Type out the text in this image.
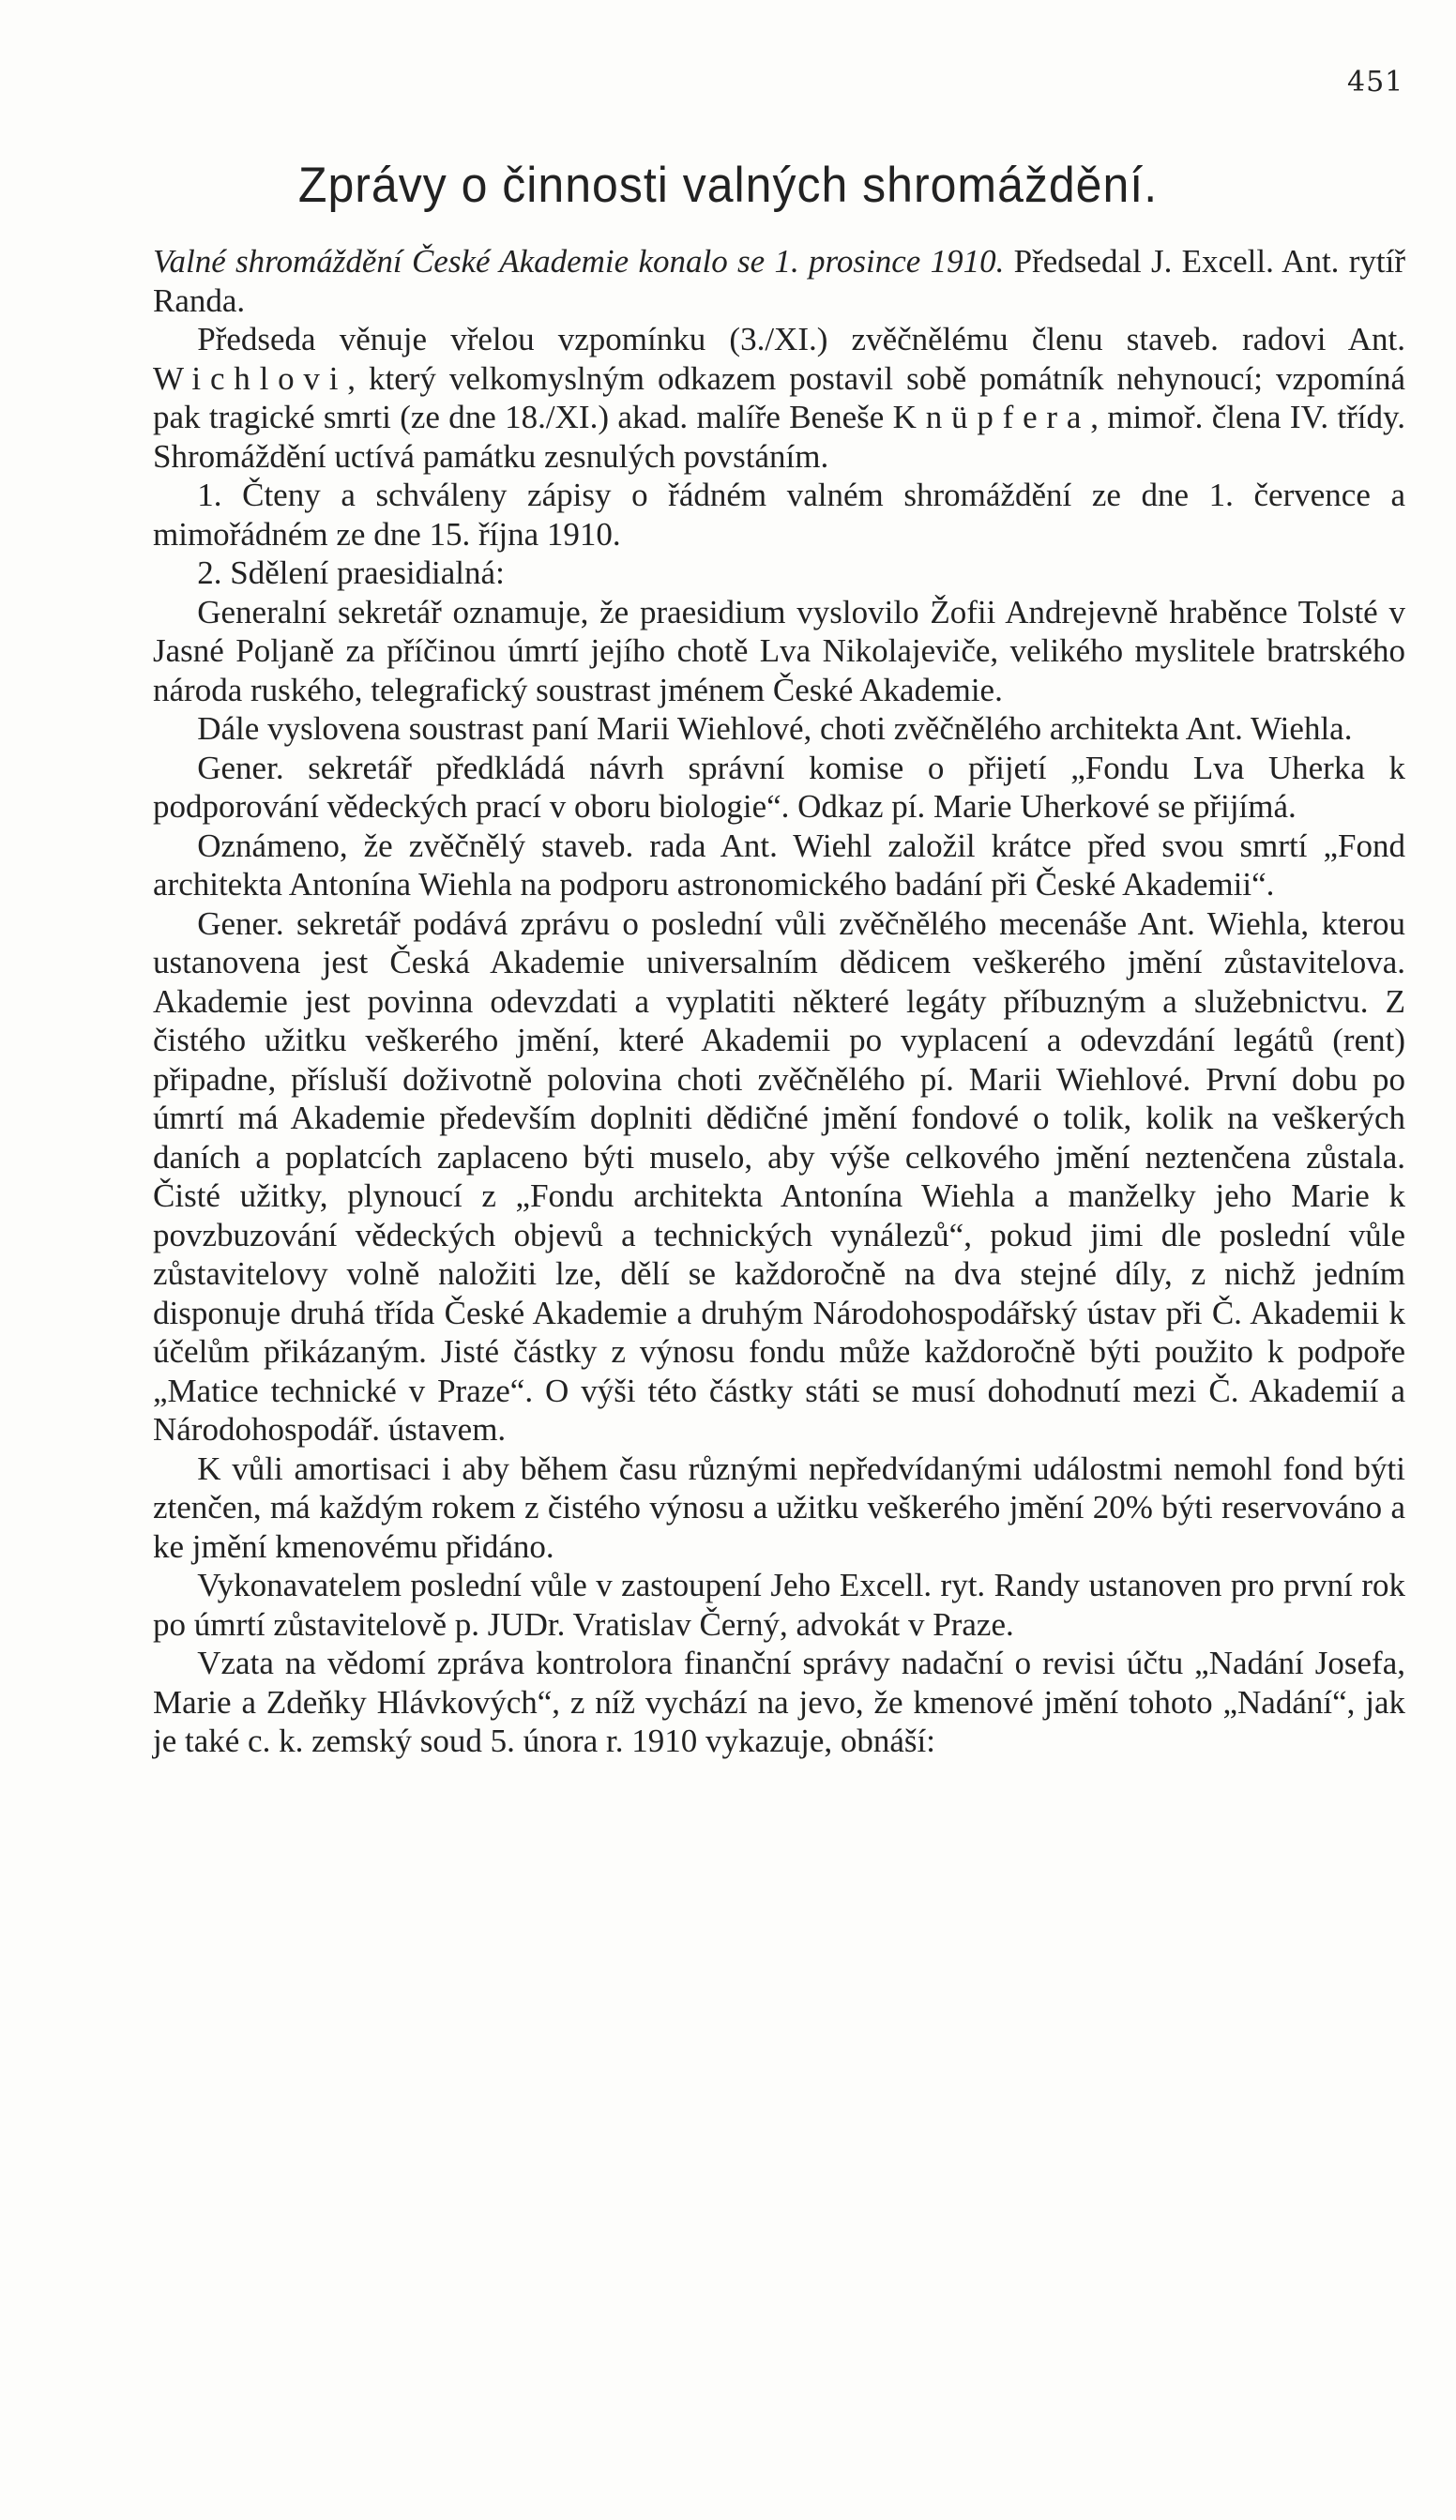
451
Zprávy o činnosti valných shromáždění.

Valné shromáždění České Akademie konalo se 1. prosince 1910. Předsedal J. Excell. Ant. rytíř Randa.

Předseda věnuje vřelou vzpomínku (3./XI.) zvěčnělému členu staveb. radovi Ant. Wichlovi, který velkomyslným odkazem postavil sobě pomátník nehynoucí; vzpomíná pak tragické smrti (ze dne 18./XI.) akad. malíře Beneše Knüpfera, mimoř. člena IV. třídy. Shromáždění uctívá památku zesnulých povstáním.

1. Čteny a schváleny zápisy o řádném valném shromáždění ze dne 1. července a mimořádném ze dne 15. října 1910.

2. Sdělení praesidialná:

Generalní sekretář oznamuje, že praesidium vyslovilo Žofii Andrejevně hraběnce Tolsté v Jasné Poljaně za příčinou úmrtí jejího chotě Lva Nikolajeviče, velikého myslitele bratrského národa ruského, telegrafický soustrast jménem České Akademie.

Dále vyslovena soustrast paní Marii Wiehlové, choti zvěčnělého architekta Ant. Wiehla.

Gener. sekretář předkládá návrh správní komise o přijetí „Fondu Lva Uherka k podporování vědeckých prací v oboru biologie“. Odkaz pí. Marie Uherkové se přijímá.

Oznámeno, že zvěčnělý staveb. rada Ant. Wiehl založil krátce před svou smrtí „Fond architekta Antonína Wiehla na podporu astronomického badání při České Akademii“.

Gener. sekretář podává zprávu o poslední vůli zvěčnělého mecenáše Ant. Wiehla, kterou ustanovena jest Česká Akademie universalním dědicem veškerého jmění zůstavitelova. Akademie jest povinna odevzdati a vyplatiti některé legáty příbuzným a služebnictvu. Z čistého užitku veškerého jmění, které Akademii po vyplacení a odevzdání legátů (rent) připadne, přísluší doživotně polovina choti zvěčnělého pí. Marii Wiehlové. První dobu po úmrtí má Akademie především doplniti dědičné jmění fondové o tolik, kolik na veškerých daních a poplatcích zaplaceno býti muselo, aby výše celkového jmění neztenčena zůstala. Čisté užitky, plynoucí z „Fondu architekta Antonína Wiehla a manželky jeho Marie k povzbuzování vědeckých objevů a technických vynálezů“, pokud jimi dle poslední vůle zůstavitelovy volně naložiti lze, dělí se každoročně na dva stejné díly, z nichž jedním disponuje druhá třída České Akademie a druhým Národohospodářský ústav při Č. Akademii k účelům přikázaným. Jisté částky z výnosu fondu může každoročně býti použito k podpoře „Matice technické v Praze“. O výši této částky státi se musí dohodnutí mezi Č. Akademií a Národohospodář. ústavem.

K vůli amortisaci i aby během času různými nepředvídanými událostmi nemohl fond býti ztenčen, má každým rokem z čistého výnosu a užitku veškerého jmění 20% býti reservováno a ke jmění kmenovému přidáno.

Vykonavatelem poslední vůle v zastoupení Jeho Excell. ryt. Randy ustanoven pro první rok po úmrtí zůstavitelově p. JUDr. Vratislav Černý, advokát v Praze.

Vzata na vědomí zpráva kontrolora finanční správy nadační o revisi účtu „Nadání Josefa, Marie a Zdeňky Hlávkových“, z níž vychází na jevo, že kmenové jmění tohoto „Nadání“, jak je také c. k. zemský soud 5. února r. 1910 vykazuje, obnáší:
